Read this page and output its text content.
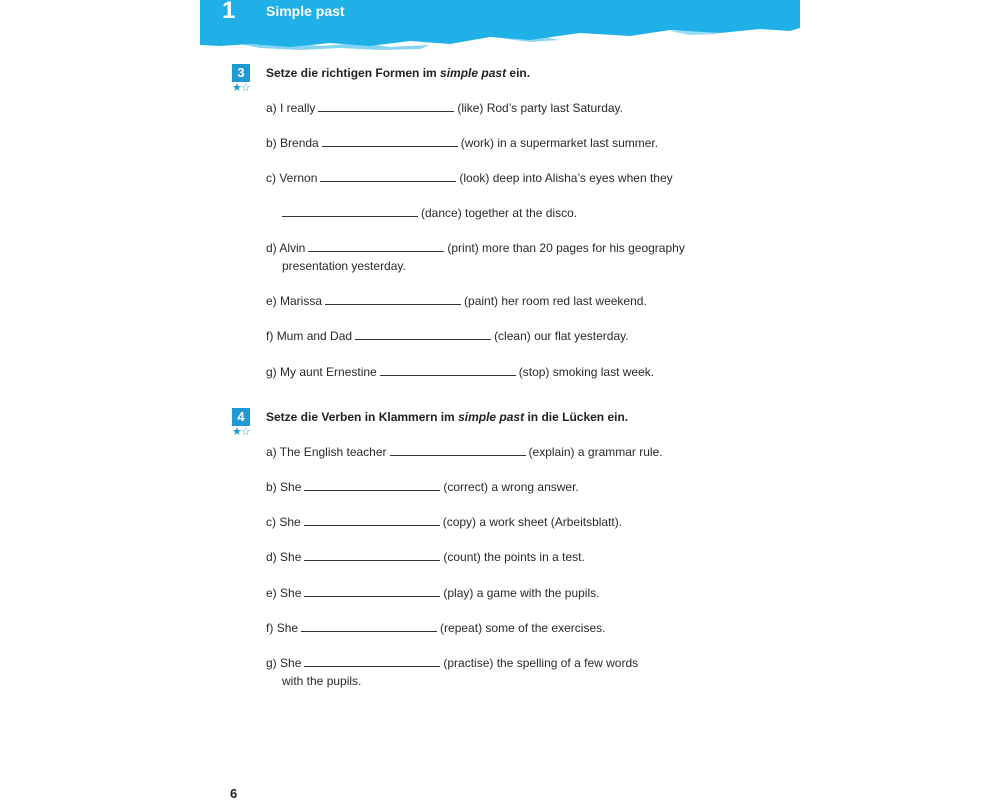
1 Simple past
3
★☆
Setze die richtigen Formen im simple past ein.
a) I really	(like) Rod’s party last Saturday.
b) Brenda	(work) in a supermarket last summer.
c) Vernon	(look) deep into Alisha’s eyes when they
(dance) together at the disco.
d) Alvin	(print) more than 20 pages for his geography
presentation yesterday.
e) Marissa	(paint) her room red last weekend.
f) Mum and Dad	(clean) our flat yesterday.
g) My aunt Ernestine	(stop) smoking last week.
4
★☆
Setze die Verben in Klammern im simple past in die Lücken ein.
a) The English teacher	(explain) a grammar rule.
b) She	(correct) a wrong answer.
c) She	(copy) a work sheet (Arbeitsblatt).
d) She	(count) the points in a test.
e) She	(play) a game with the pupils.
f) She	(repeat) some of the exercises.
g) She	(practise) the spelling of a few words
with the pupils.
6
